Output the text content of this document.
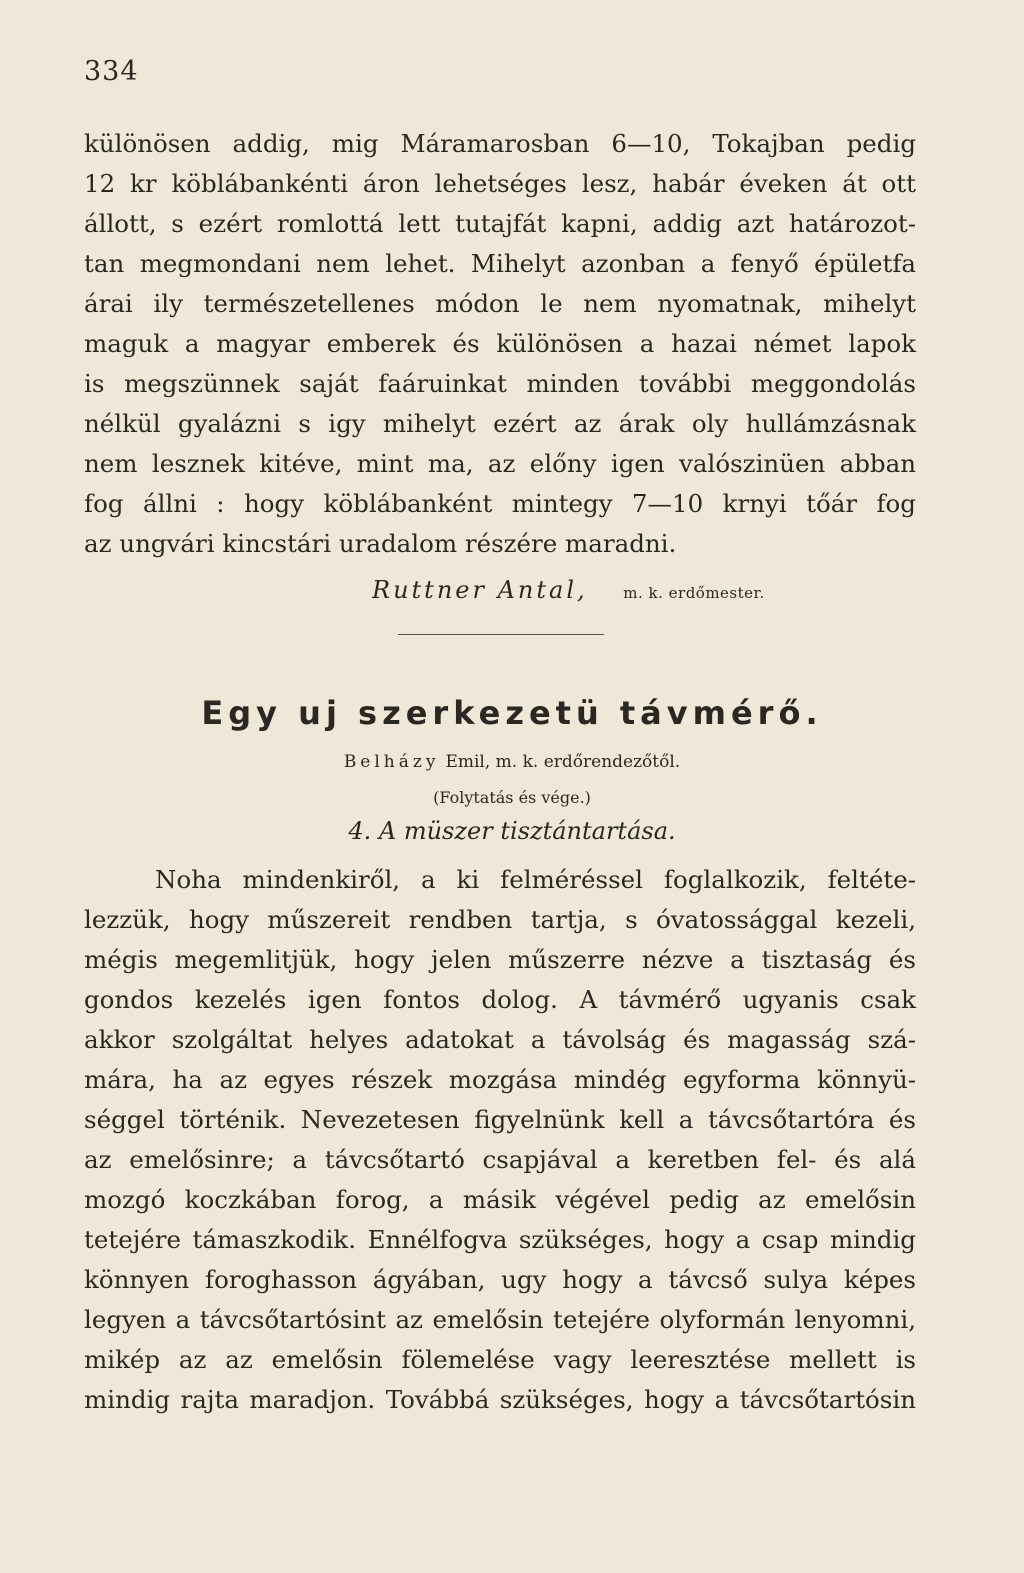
334
különösen addig, mig Máramarosban 6—10, Tokajban pedig
12 kr köblábankénti áron lehetséges lesz, habár éveken át ott
állott, s ezért romlottá lett tutajfát kapni, addig azt határozot-
tan megmondani nem lehet. Mihelyt azonban a fenyő épületfa
árai ily természetellenes módon le nem nyomatnak, mihelyt
maguk a magyar emberek és különösen a hazai német lapok
is megszünnek saját faáruinkat minden további meggondolás
nélkül gyalázni s igy mihelyt ezért az árak oly hullámzásnak
nem lesznek kitéve, mint ma, az előny igen valószinüen abban
fog állni : hogy köblábanként mintegy 7—10 krnyi tőár fog
az ungvári kincstári uradalom részére maradni.
Ruttner Antal, m. k. erdőmester.
Egy uj szerkezetü távmérő.
Belházy Emil, m. k. erdőrendezőtől.
(Folytatás és vége.)
4. A müszer tisztántartása.
Noha mindenkiről, a ki felméréssel foglalkozik, feltéte-
lezzük, hogy műszereit rendben tartja, s óvatossággal kezeli,
mégis megemlitjük, hogy jelen műszerre nézve a tisztaság és
gondos kezelés igen fontos dolog. A távmérő ugyanis csak
akkor szolgáltat helyes adatokat a távolság és magasság szá-
mára, ha az egyes részek mozgása mindég egyforma könnyü-
séggel történik. Nevezetesen figyelnünk kell a távcsőtartóra és
az emelősinre; a távcsőtartó csapjával a keretben fel- és alá
mozgó koczkában forog, a másik végével pedig az emelősin
tetejére támaszkodik. Ennélfogva szükséges, hogy a csap mindig
könnyen foroghasson ágyában, ugy hogy a távcső sulya képes
legyen a távcsőtartósint az emelősin tetejére olyformán lenyomni,
mikép az az emelősin fölemelése vagy leeresztése mellett is
mindig rajta maradjon. Továbbá szükséges, hogy a távcsőtartósin
